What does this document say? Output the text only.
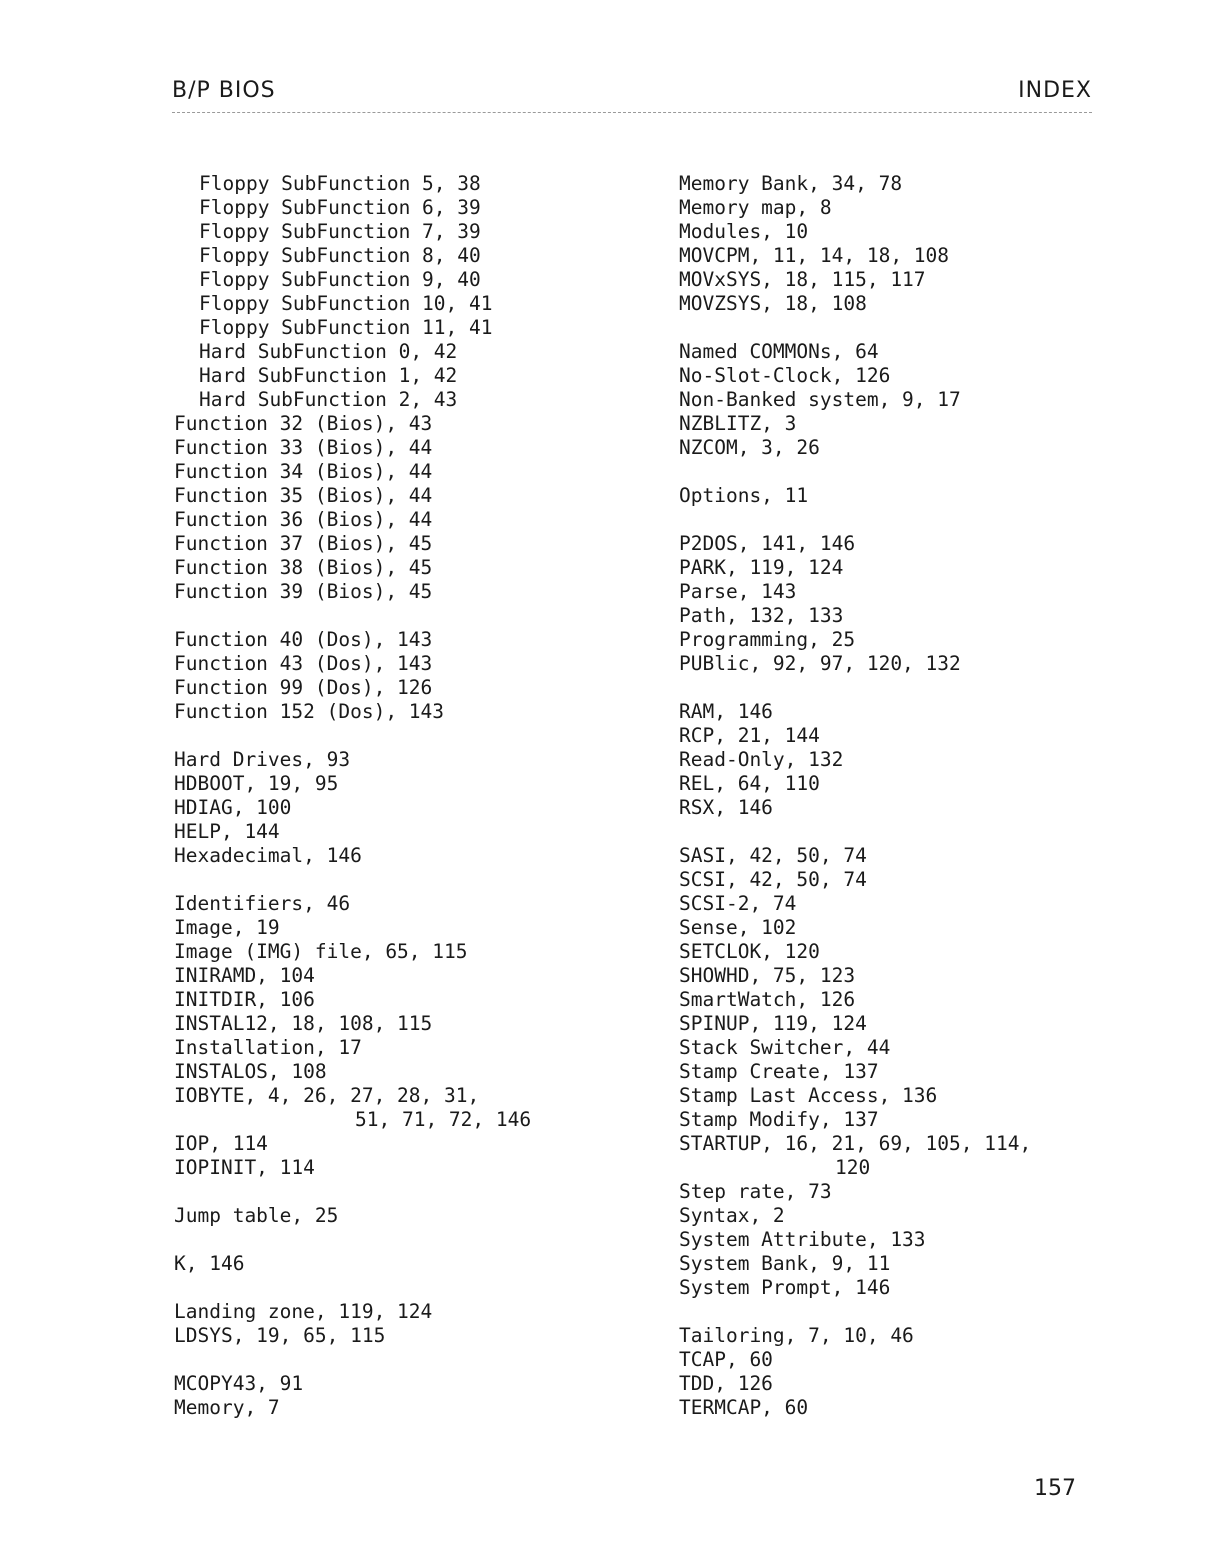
B/P BIOS	INDEX
Floppy SubFunction 5, 38
Floppy SubFunction 6, 39
Floppy SubFunction 7, 39
Floppy SubFunction 8, 40
Floppy SubFunction 9, 40
Floppy SubFunction 10, 41
Floppy SubFunction 11, 41
Hard SubFunction 0, 42
Hard SubFunction 1, 42
Hard SubFunction 2, 43
Function 32 (Bios), 43
Function 33 (Bios), 44
Function 34 (Bios), 44
Function 35 (Bios), 44
Function 36 (Bios), 44
Function 37 (Bios), 45
Function 38 (Bios), 45
Function 39 (Bios), 45
Function 40 (Dos), 143
Function 43 (Dos), 143
Function 99 (Dos), 126
Function 152 (Dos), 143
Hard Drives, 93
HDBOOT, 19, 95
HDIAG, 100
HELP, 144
Hexadecimal, 146
Identifiers, 46
Image, 19
Image (IMG) file, 65, 115
INIRAMD, 104
INITDIR, 106
INSTAL12, 18, 108, 115
Installation, 17
INSTALOS, 108
IOBYTE, 4, 26, 27, 28, 31,
51, 71, 72, 146
IOP, 114
IOPINIT, 114
Jump table, 25
K, 146
Landing zone, 119, 124
LDSYS, 19, 65, 115
MCOPY43, 91
Memory, 7
Memory Bank, 34, 78
Memory map, 8
Modules, 10
MOVCPM, 11, 14, 18, 108
MOVxSYS, 18, 115, 117
MOVZSYS, 18, 108
Named COMMONs, 64
No-Slot-Clock, 126
Non-Banked system, 9, 17
NZBLITZ, 3
NZCOM, 3, 26
Options, 11
P2DOS, 141, 146
PARK, 119, 124
Parse, 143
Path, 132, 133
Programming, 25
PUBlic, 92, 97, 120, 132
RAM, 146
RCP, 21, 144
Read-Only, 132
REL, 64, 110
RSX, 146
SASI, 42, 50, 74
SCSI, 42, 50, 74
SCSI-2, 74
Sense, 102
SETCLOK, 120
SHOWHD, 75, 123
SmartWatch, 126
SPINUP, 119, 124
Stack Switcher, 44
Stamp Create, 137
Stamp Last Access, 136
Stamp Modify, 137
STARTUP, 16, 21, 69, 105, 114,
120
Step rate, 73
Syntax, 2
System Attribute, 133
System Bank, 9, 11
System Prompt, 146
Tailoring, 7, 10, 46
TCAP, 60
TDD, 126
TERMCAP, 60
157
